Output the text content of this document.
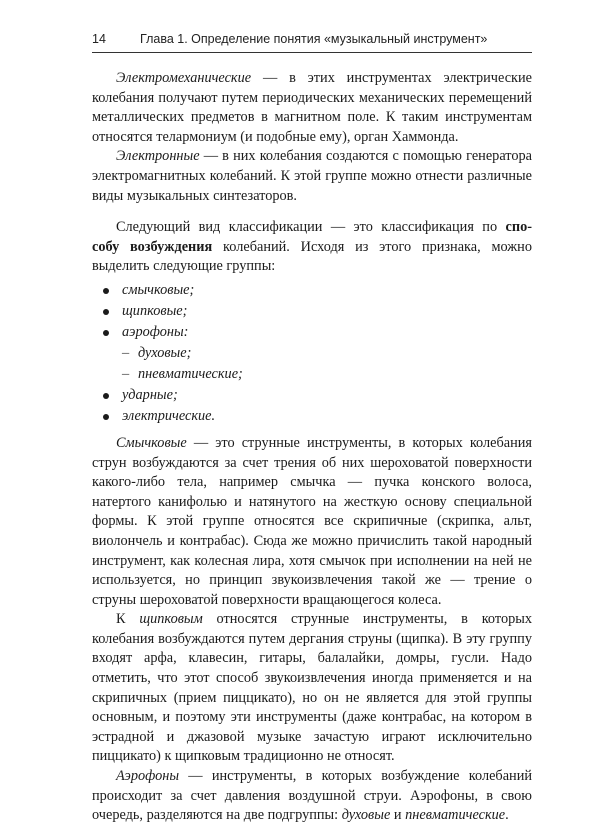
14	Глава 1. Определение понятия «музыкальный инструмент»

Электромеханические — в этих инструментах электрические колебания получают путем периодических механических перемещений металлических предметов в магнитном поле. К таким инструментам относятся телармониум (и подобные ему), орган Хаммонда.

Электронные — в них колебания создаются с помощью генератора электромагнитных колебаний. К этой группе можно отнести различные виды музыкальных синтезаторов.

Следующий вид классификации — это классификация по спо-
собу возбуждения колебаний. Исходя из этого признака, можно
выделить следующие группы:
смычковые;
щипковые;
аэрофоны:
– духовые;
– пневматические;
ударные;
электрические.

Смычковые — это струнные инструменты, в которых колебания струн возбуждаются за счет трения об них шероховатой поверхности какого-либо тела, например смычка — пучка конского волоса, натертого канифолью и натянутого на жесткую основу специальной формы. К этой группе относятся все скрипичные (скрипка, альт, виолончель и контрабас). Сюда же можно причислить такой народный инструмент, как колесная лира, хотя смычок при исполнении на ней не используется, но принцип звукоизвлечения такой же — трение о струны шероховатой поверхности вращающегося колеса.

К щипковым относятся струнные инструменты, в которых колебания возбуждаются путем дергания струны (щипка). В эту группу входят арфа, клавесин, гитары, балалайки, домры, гусли. Надо отметить, что этот способ звукоизвлечения иногда применяется и на скрипичных (прием пиццикато), но он не является для этой группы основным, и поэтому эти инструменты (даже контрабас, на котором в эстрадной и джазовой музыке зачастую играют исключительно пиццикато) к щипковым традиционно не относят.

Аэрофоны — инструменты, в которых возбуждение колебаний происходит за счет давления воздушной струи. Аэрофоны, в свою очередь, разделяются на две подгруппы: духовые и пневматические.
